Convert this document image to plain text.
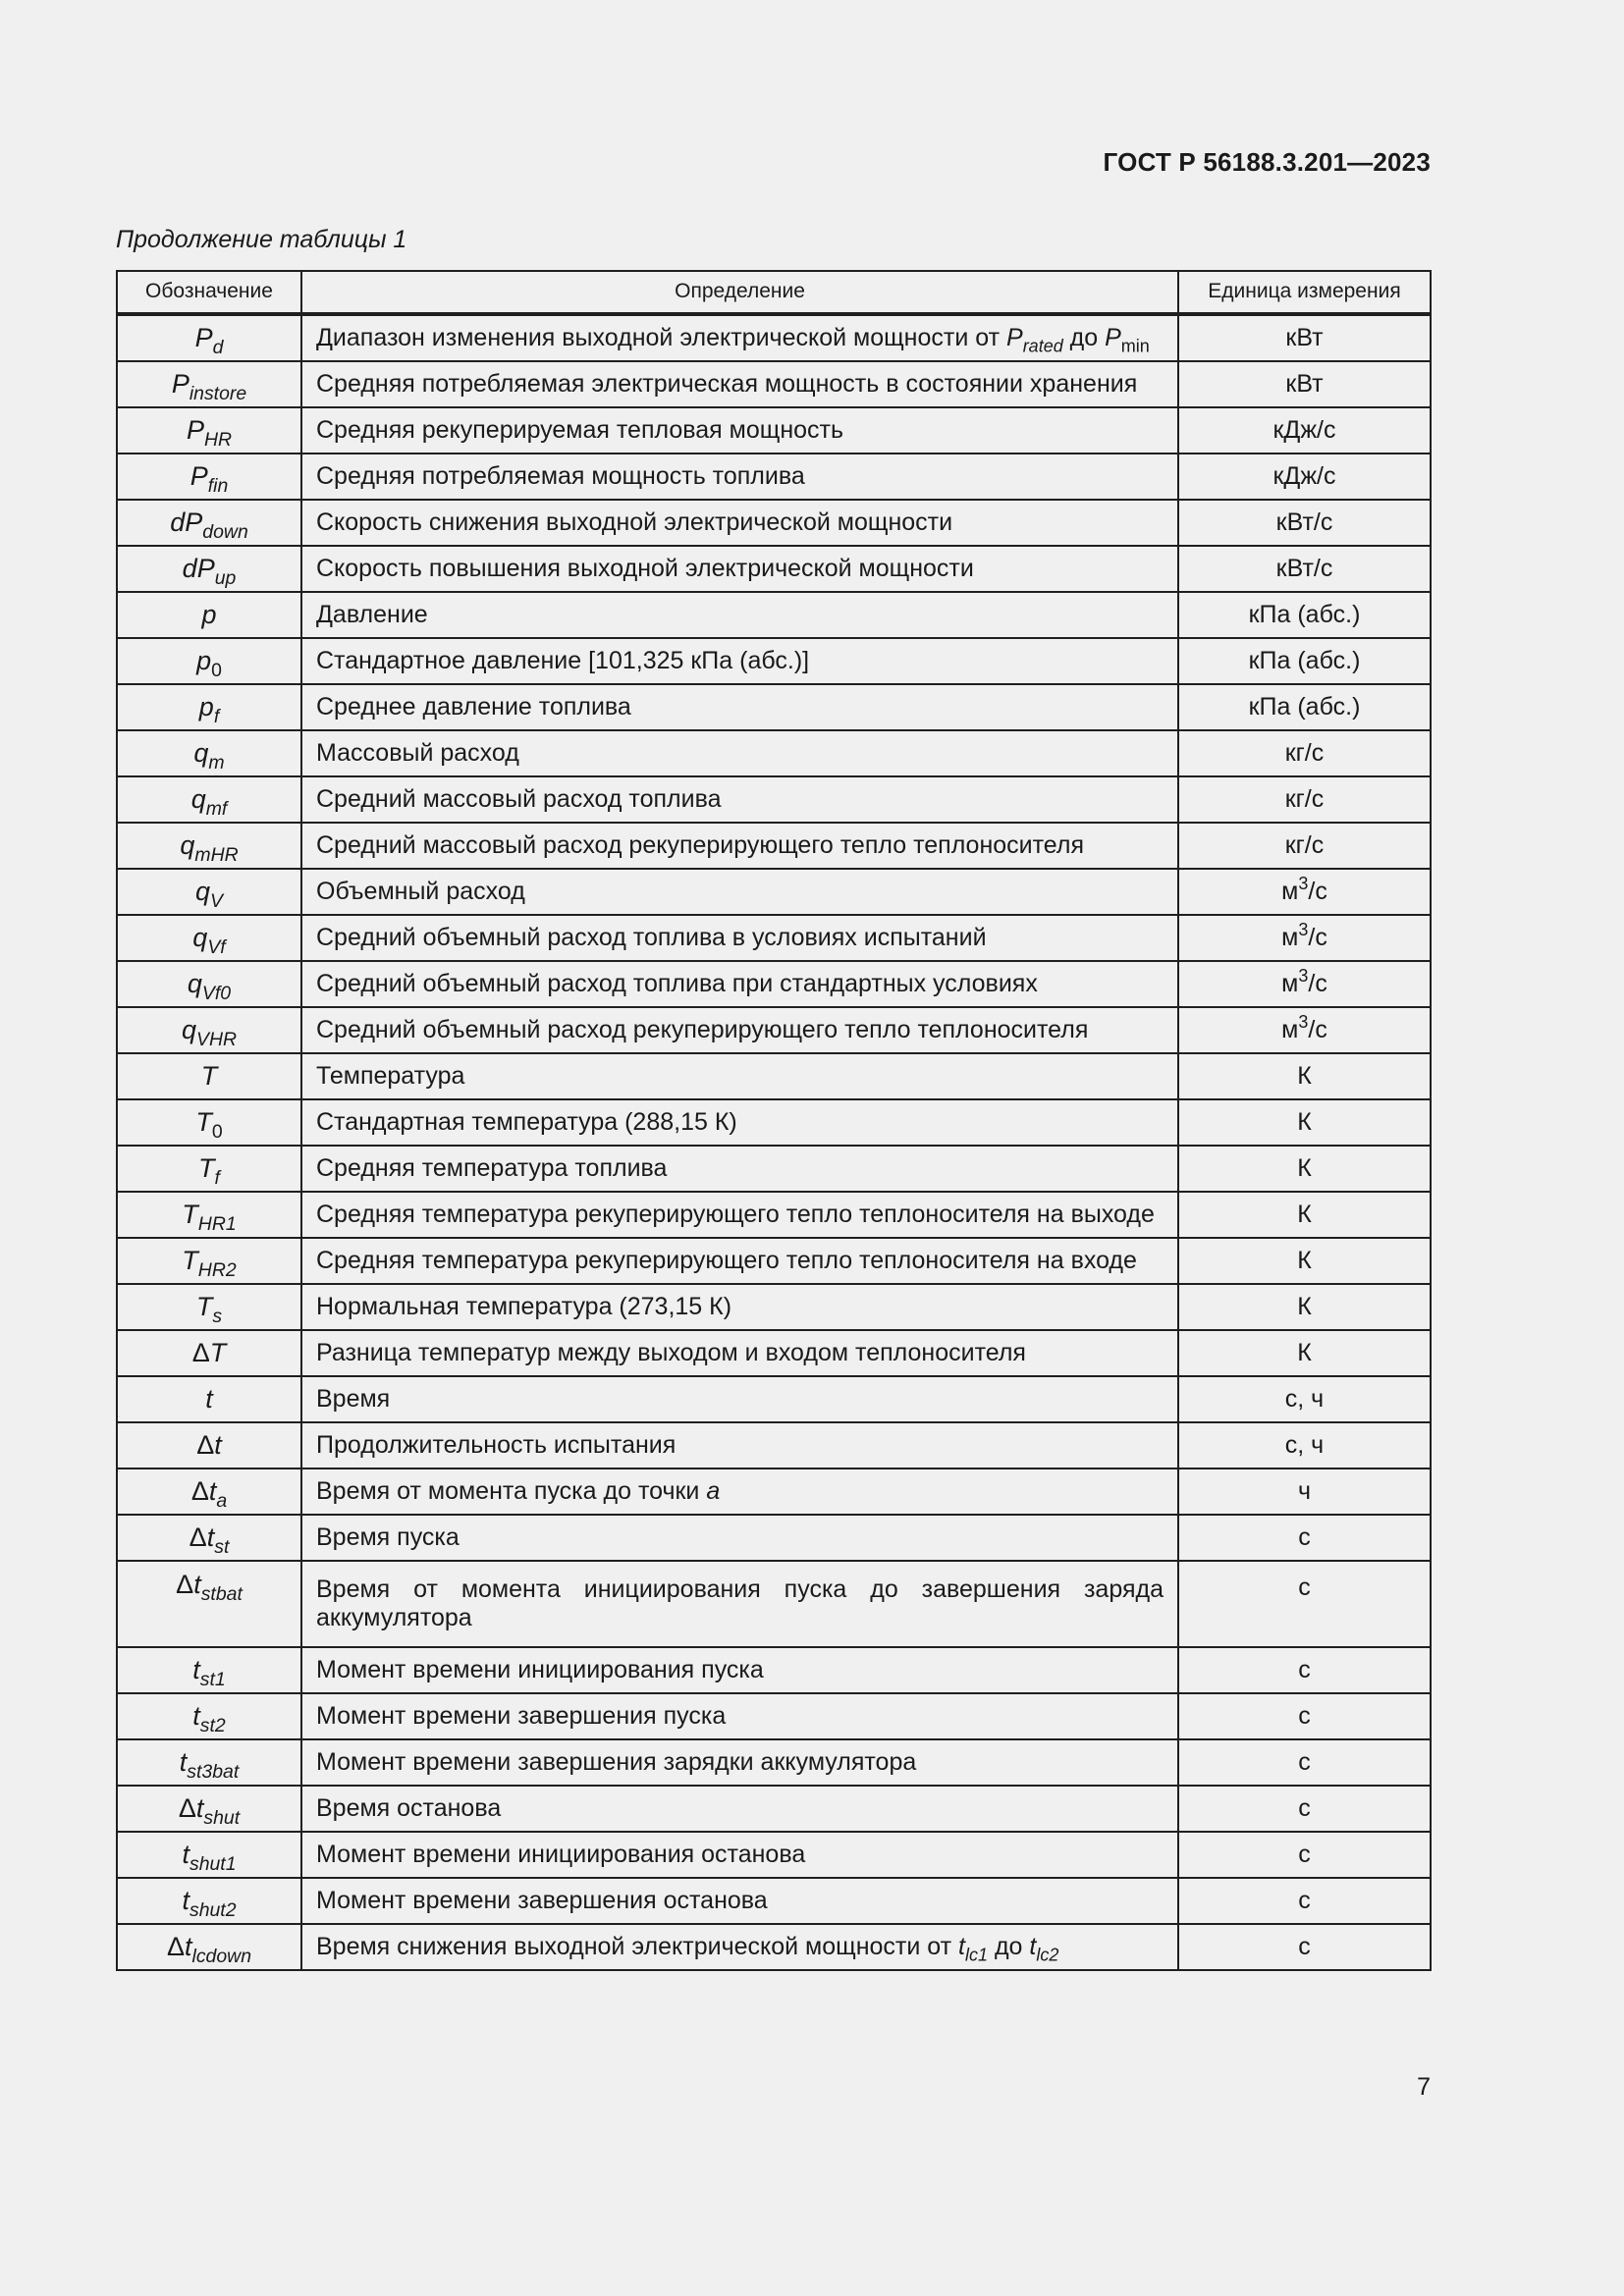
ГОСТ Р 56188.3.201—2023
Продолжение таблицы 1
Обозначение	Определение	Единица измерения
$P_d$	Диапазон изменения выходной электрической мощности от $P_{rated}$ до $P_{min}$	кВт
$P_{instore}$	Средняя потребляемая электрическая мощность в состоянии хранения	кВт
$P_{HR}$	Средняя рекуперируемая тепловая мощность	кДж/с
$P_{fin}$	Средняя потребляемая мощность топлива	кДж/с
$dP_{down}$	Скорость снижения выходной электрической мощности	кВт/с
$dP_{up}$	Скорость повышения выходной электрической мощности	кВт/с
p	Давление	кПа (абс.)
$p_0$	Стандартное давление [101,325 кПа (абс.)]	кПа (абс.)
$p_f$	Среднее давление топлива	кПа (абс.)
$q_m$	Массовый расход	кг/с
$q_{mf}$	Средний массовый расход топлива	кг/с
$q_{mHR}$	Средний массовый расход рекуперирующего тепло теплоносителя	кг/с
$q_V$	Объемный расход	$м^3/с$
$q_{Vf}$	Средний объемный расход топлива в условиях испытаний	$м^3/с$
$q_{Vf0}$	Средний объемный расход топлива при стандартных условиях	$м^3/с$
$q_{VHR}$	Средний объемный расход рекуперирующего тепло теплоносителя	$м^3/с$
T	Температура	К
$T_0$	Стандартная температура (288,15 К)	К
$T_f$	Средняя температура топлива	К
$T_{HR1}$	Средняя температура рекуперирующего тепло теплоносителя на выходе	К
$T_{HR2}$	Средняя температура рекуперирующего тепло теплоносителя на входе	К
$T_s$	Нормальная температура (273,15 К)	К
ΔT	Разница температур между выходом и входом теплоносителя	К
t	Время	с, ч
Δt	Продолжительность испытания	с, ч
$\Delta t_a$	Время от момента пуска до точки a	ч
$\Delta t_{st}$	Время пуска	с
$\Delta t_{stbat}$	Время от момента инициирования пуска до завершения заряда аккумулятора	с
$t_{st1}$	Момент времени инициирования пуска	с
$t_{st2}$	Момент времени завершения пуска	с
$t_{st3bat}$	Момент времени завершения зарядки аккумулятора	с
$\Delta t_{shut}$	Время останова	с
$t_{shut1}$	Момент времени инициирования останова	с
$t_{shut2}$	Момент времени завершения останова	с
$\Delta t_{lcdown}$	Время снижения выходной электрической мощности от $t_{lc1}$ до $t_{lc2}$	с
7
